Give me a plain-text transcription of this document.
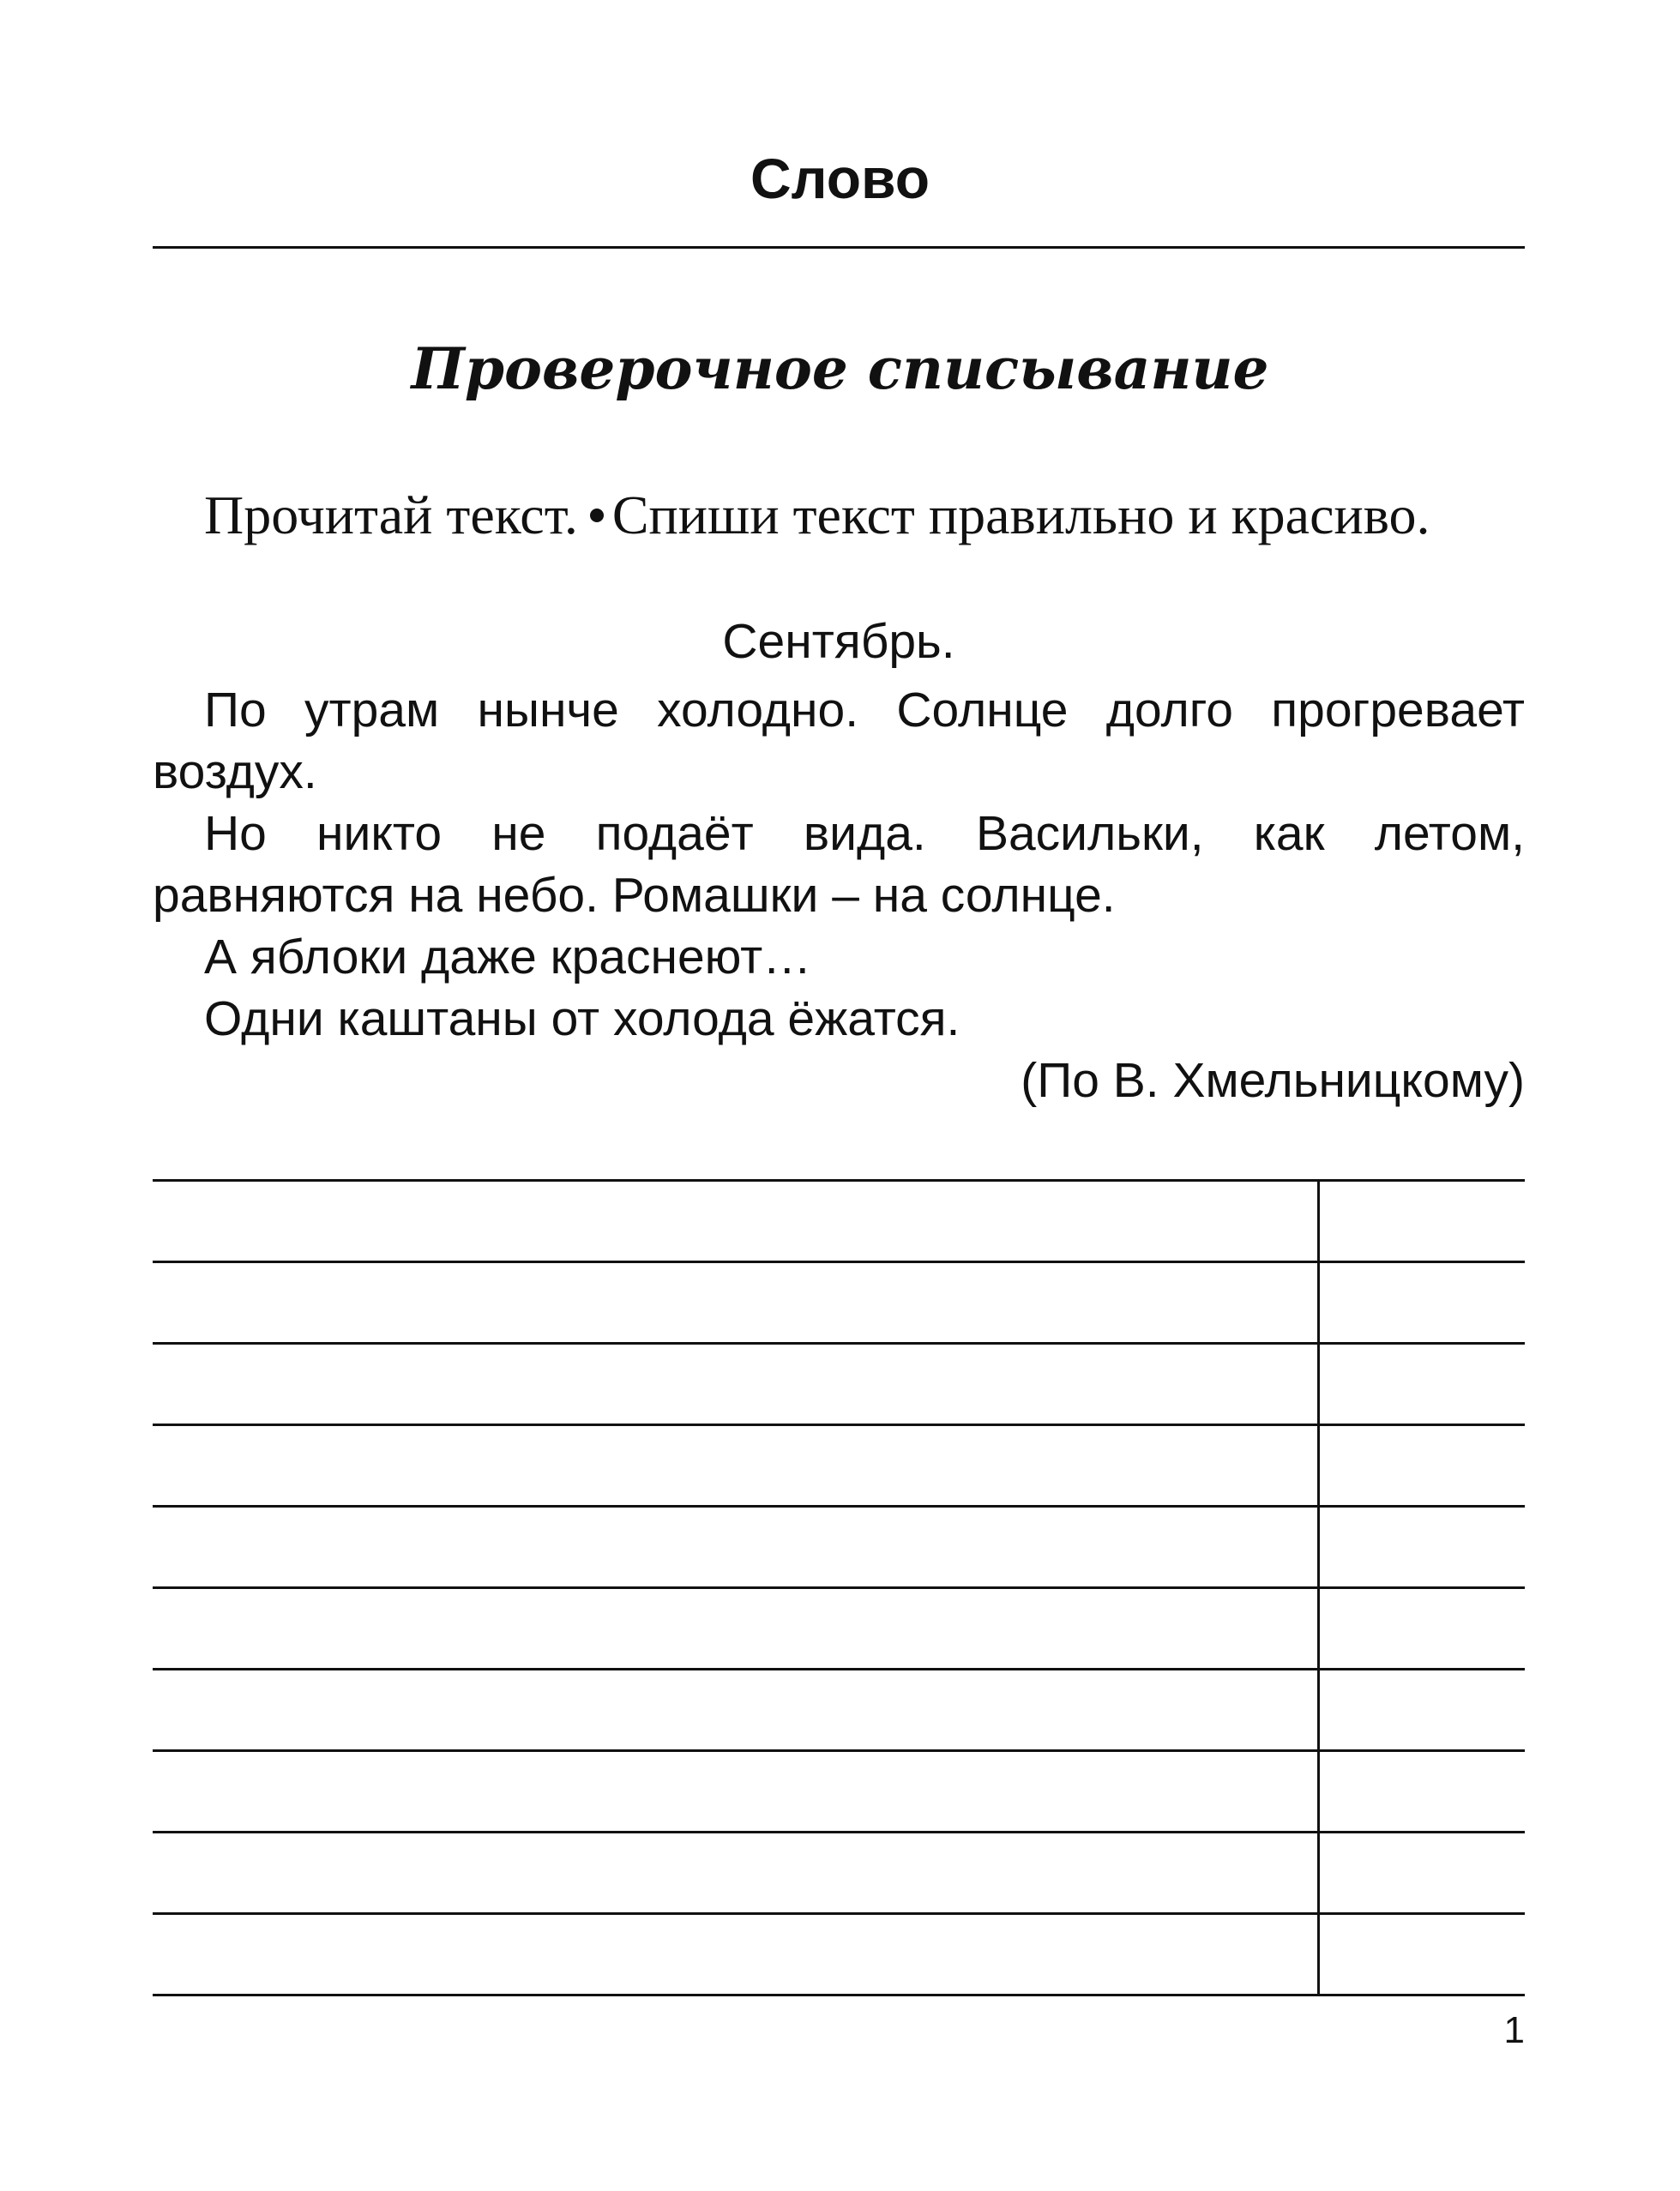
Слово
Проверочное списывание

Прочитай текст. Спиши текст правильно и красиво.

Сентябрь.

По утрам нынче холодно. Солнце долго прогревает воздух.

Но никто не подаёт вида. Васильки, как летом, равняются на небо. Ромашки – на солнце.

А яблоки даже краснеют…

Одни каштаны от холода ёжатся.

(По В. Хмельницкому)

1
